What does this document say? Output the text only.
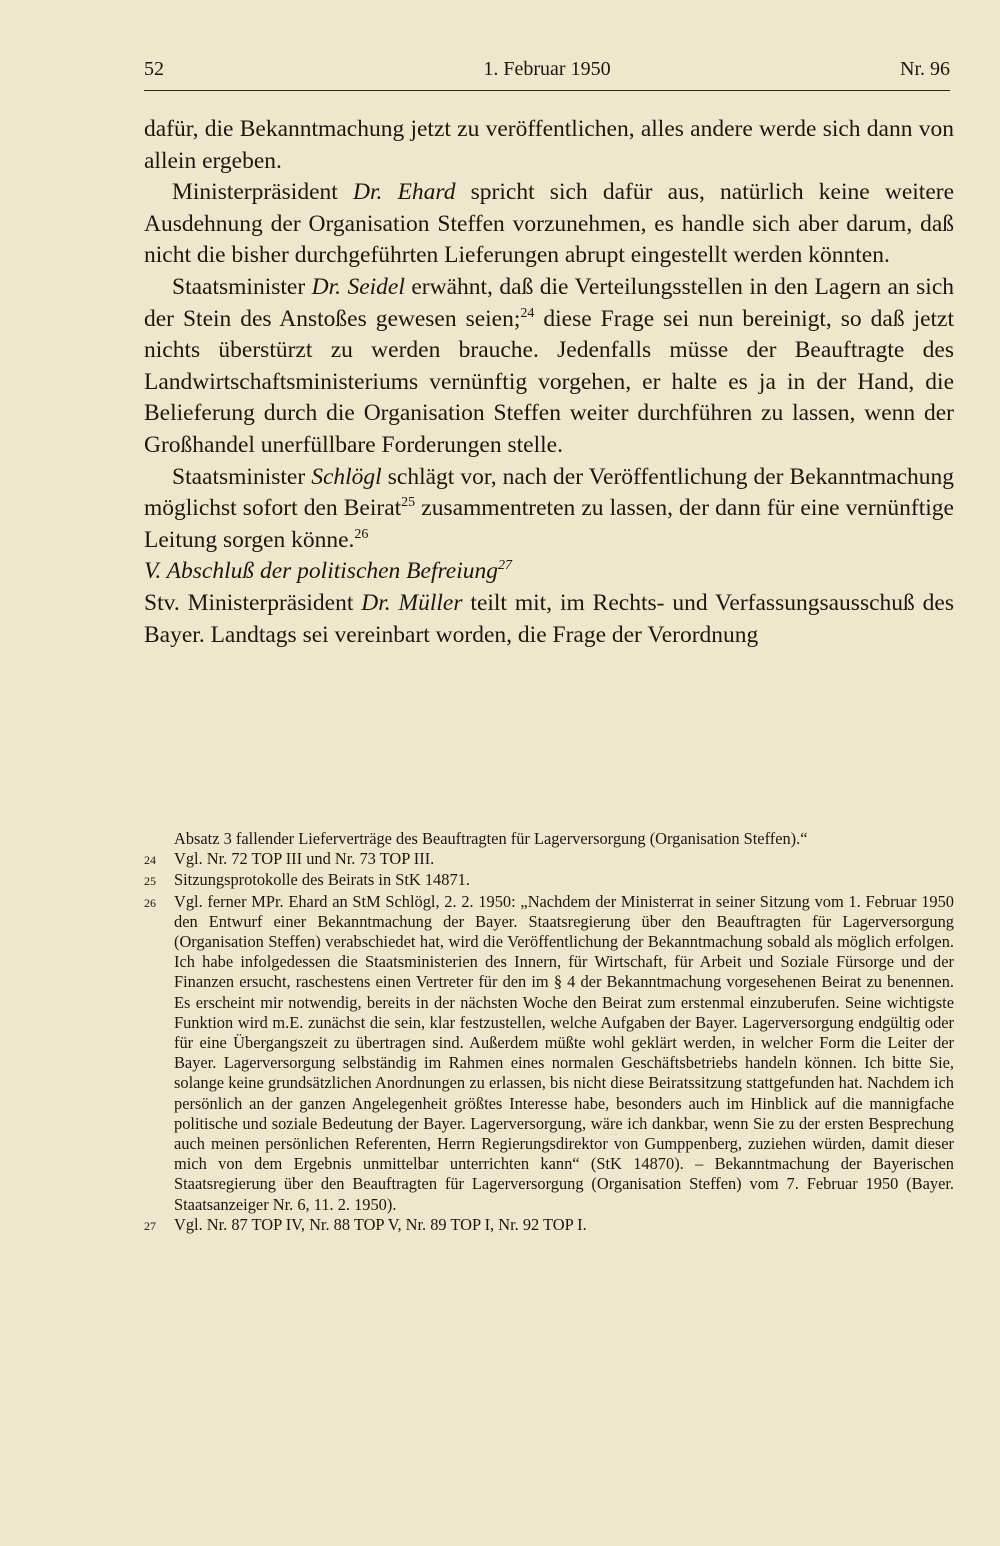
52	1. Februar 1950	Nr. 96

dafür, die Bekanntmachung jetzt zu veröffentlichen, alles andere werde sich dann von allein ergeben.

Ministerpräsident Dr. Ehard spricht sich dafür aus, natürlich keine weitere Ausdehnung der Organisation Steffen vorzunehmen, es handle sich aber darum, daß nicht die bisher durchgeführten Lieferungen abrupt eingestellt werden könnten.

Staatsminister Dr. Seidel erwähnt, daß die Verteilungsstellen in den Lagern an sich der Stein des Anstoßes gewesen seien;$^{24}$ diese Frage sei nun bereinigt, so daß jetzt nichts überstürzt zu werden brauche. Jedenfalls müsse der Beauftragte des Landwirtschaftsministeriums vernünftig vorgehen, er halte es ja in der Hand, die Belieferung durch die Organisation Steffen weiter durchführen zu lassen, wenn der Großhandel unerfüllbare Forderungen stelle.

Staatsminister Schlögl schlägt vor, nach der Veröffentlichung der Bekanntmachung möglichst sofort den Beirat$^{25}$ zusammentreten zu lassen, der dann für eine vernünftige Leitung sorgen könne.$^{26}$

V. Abschluß der politischen Befreiung$^{27}$

Stv. Ministerpräsident Dr. Müller teilt mit, im Rechts- und Verfassungsausschuß des Bayer. Landtags sei vereinbart worden, die Frage der Verordnung

Absatz 3 fallender Lieferverträge des Beauftragten für Lagerversorgung (Organisation Steffen).“
24	Vgl. Nr. 72 TOP III und Nr. 73 TOP III.
25	Sitzungsprotokolle des Beirats in StK 14871.
26	Vgl. ferner MPr. Ehard an StM Schlögl, 2. 2. 1950: „Nachdem der Ministerrat in seiner Sitzung vom 1. Februar 1950 den Entwurf einer Bekanntmachung der Bayer. Staatsregierung über den Beauftragten für Lagerversorgung (Organisation Steffen) verabschiedet hat, wird die Veröffentlichung der Bekanntmachung sobald als möglich erfolgen. Ich habe infolgedessen die Staatsministerien des Innern, für Wirtschaft, für Arbeit und Soziale Fürsorge und der Finanzen ersucht, raschestens einen Vertreter für den im § 4 der Bekanntmachung vorgesehenen Beirat zu benennen. Es erscheint mir notwendig, bereits in der nächsten Woche den Beirat zum erstenmal einzuberufen. Seine wichtigste Funktion wird m.E. zunächst die sein, klar festzustellen, welche Aufgaben der Bayer. Lagerversorgung endgültig oder für eine Übergangszeit zu übertragen sind. Außerdem müßte wohl geklärt werden, in welcher Form die Leiter der Bayer. Lagerversorgung selbständig im Rahmen eines normalen Geschäftsbetriebs handeln können. Ich bitte Sie, solange keine grundsätzlichen Anordnungen zu erlassen, bis nicht diese Beiratssitzung stattgefunden hat. Nachdem ich persönlich an der ganzen Angelegenheit größtes Interesse habe, besonders auch im Hinblick auf die mannigfache politische und soziale Bedeutung der Bayer. Lagerversorgung, wäre ich dankbar, wenn Sie zu der ersten Besprechung auch meinen persönlichen Referenten, Herrn Regierungsdirektor von Gumppenberg, zuziehen würden, damit dieser mich von dem Ergebnis unmittelbar unterrichten kann“ (StK 14870). – Bekanntmachung der Bayerischen Staatsregierung über den Beauftragten für Lagerversorgung (Organisation Steffen) vom 7. Februar 1950 (Bayer. Staatsanzeiger Nr. 6, 11. 2. 1950).
27	Vgl. Nr. 87 TOP IV, Nr. 88 TOP V, Nr. 89 TOP I, Nr. 92 TOP I.
